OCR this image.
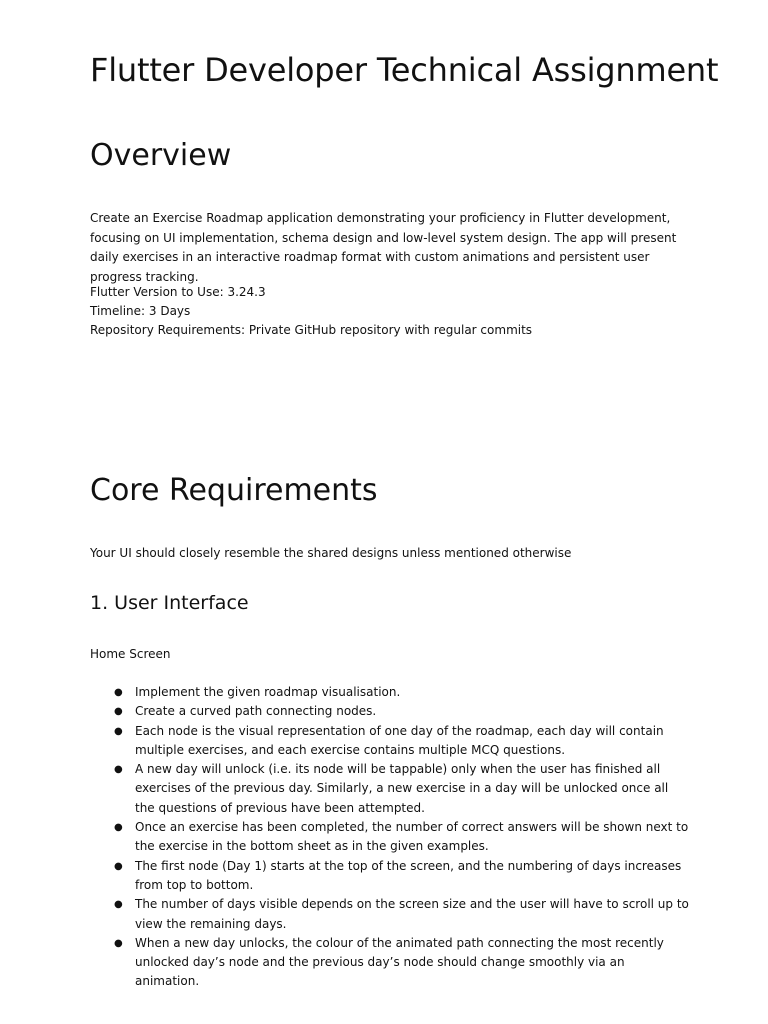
Flutter Developer Technical Assignment
Overview

Create an Exercise Roadmap application demonstrating your proficiency in Flutter development, focusing on UI implementation, schema design and low-level system design. The app will present daily exercises in an interactive roadmap format with custom animations and persistent user progress tracking.

Flutter Version to Use: 3.24.3

Timeline: 3 Days

Repository Requirements: Private GitHub repository with regular commits

Core Requirements

Your UI should closely resemble the shared designs unless mentioned otherwise

1. User Interface

Home Screen

● Implement the given roadmap visualisation.
● Create a curved path connecting nodes.
● Each node is the visual representation of one day of the roadmap, each day will contain multiple exercises, and each exercise contains multiple MCQ questions.
● A new day will unlock (i.e. its node will be tappable) only when the user has finished all exercises of the previous day. Similarly, a new exercise in a day will be unlocked once all the questions of previous have been attempted.
● Once an exercise has been completed, the number of correct answers will be shown next to the exercise in the bottom sheet as in the given examples.
● The first node (Day 1) starts at the top of the screen, and the numbering of days increases from top to bottom.
● The number of days visible depends on the screen size and the user will have to scroll up to view the remaining days.
● When a new day unlocks, the colour of the animated path connecting the most recently unlocked day’s node and the previous day’s node should change smoothly via an animation.
